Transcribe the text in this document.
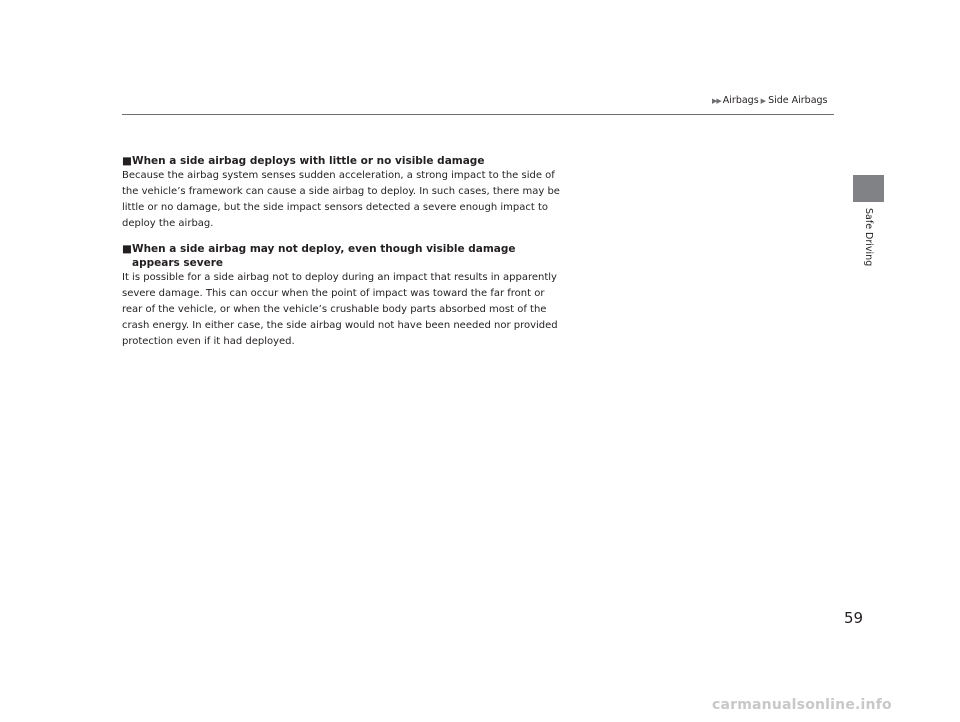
▶▶ Airbags ▶ Side Airbags
Safe Driving

■When a side airbag deploys with little or no visible damage

Because the airbag system senses sudden acceleration, a strong impact to the side of the vehicle’s framework can cause a side airbag to deploy. In such cases, there may be little or no damage, but the side impact sensors detected a severe enough impact to deploy the airbag.

■When a side airbag may not deploy, even though visible damage appears severe

It is possible for a side airbag not to deploy during an impact that results in apparently severe damage. This can occur when the point of impact was toward the far front or rear of the vehicle, or when the vehicle’s crushable body parts absorbed most of the crash energy. In either case, the side airbag would not have been needed nor provided protection even if it had deployed.

59
carmanualsonline.info
